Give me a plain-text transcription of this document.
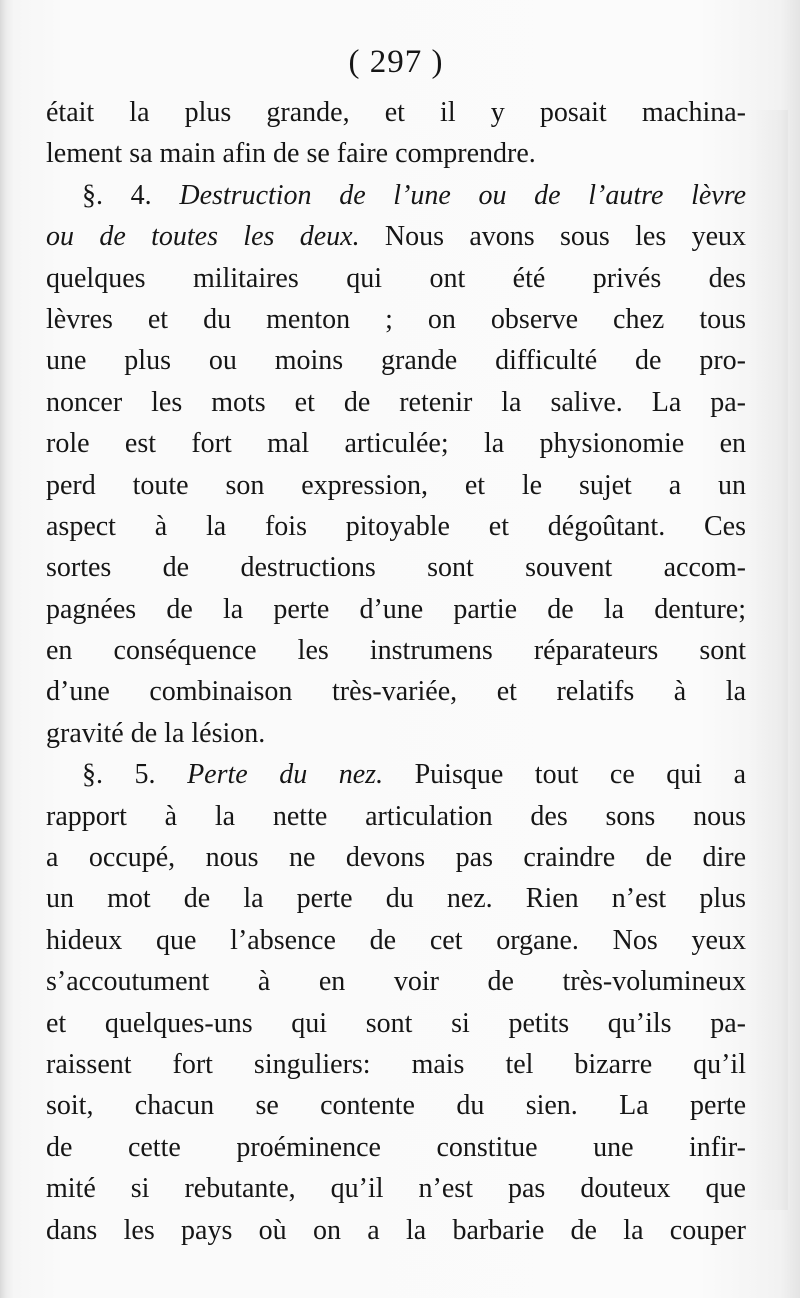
( 297 )
était la plus grande, et il y posait machina-
lement sa main afin de se faire comprendre.
§. 4. Destruction de l’une ou de l’autre lèvre
ou de toutes les deux. Nous avons sous les yeux
quelques militaires qui ont été privés des
lèvres et du menton ; on observe chez tous
une plus ou moins grande difficulté de pro-
noncer les mots et de retenir la salive. La pa-
role est fort mal articulée; la physionomie en
perd toute son expression, et le sujet a un
aspect à la fois pitoyable et dégoûtant. Ces
sortes de destructions sont souvent accom-
pagnées de la perte d’une partie de la denture;
en conséquence les instrumens réparateurs sont
d’une combinaison très-variée, et relatifs à la
gravité de la lésion.
§. 5. Perte du nez. Puisque tout ce qui a
rapport à la nette articulation des sons nous
a occupé, nous ne devons pas craindre de dire
un mot de la perte du nez. Rien n’est plus
hideux que l’absence de cet organe. Nos yeux
s’accoutument à en voir de très-volumineux
et quelques-uns qui sont si petits qu’ils pa-
raissent fort singuliers: mais tel bizarre qu’il
soit, chacun se contente du sien. La perte
de cette proéminence constitue une infir-
mité si rebutante, qu’il n’est pas douteux que
dans les pays où on a la barbarie de la couper
